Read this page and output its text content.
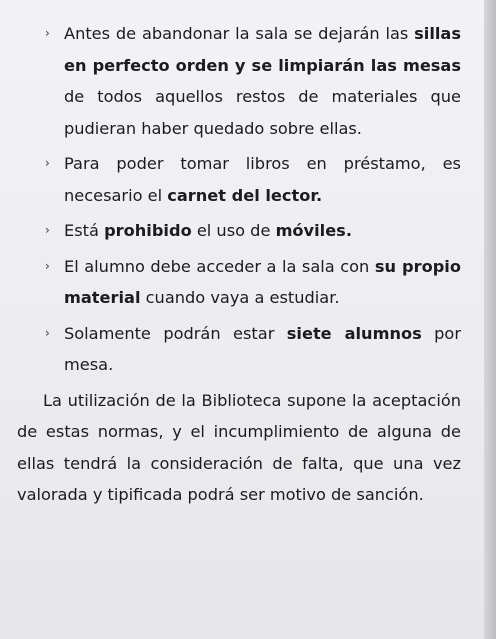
› Antes de abandonar la sala se dejarán las sillas en perfecto orden y se limpiarán las mesas de todos aquellos restos de materiales que pudieran haber quedado sobre ellas.
› Para poder tomar libros en préstamo, es necesario el carnet del lector.
› Está prohibido el uso de móviles.
› El alumno debe acceder a la sala con su propio material cuando vaya a estudiar.
› Solamente podrán estar siete alumnos por mesa.

La utilización de la Biblioteca supone la aceptación de estas normas, y el incumplimiento de alguna de ellas tendrá la consideración de falta, que una vez valorada y tipificada podrá ser motivo de sanción.
